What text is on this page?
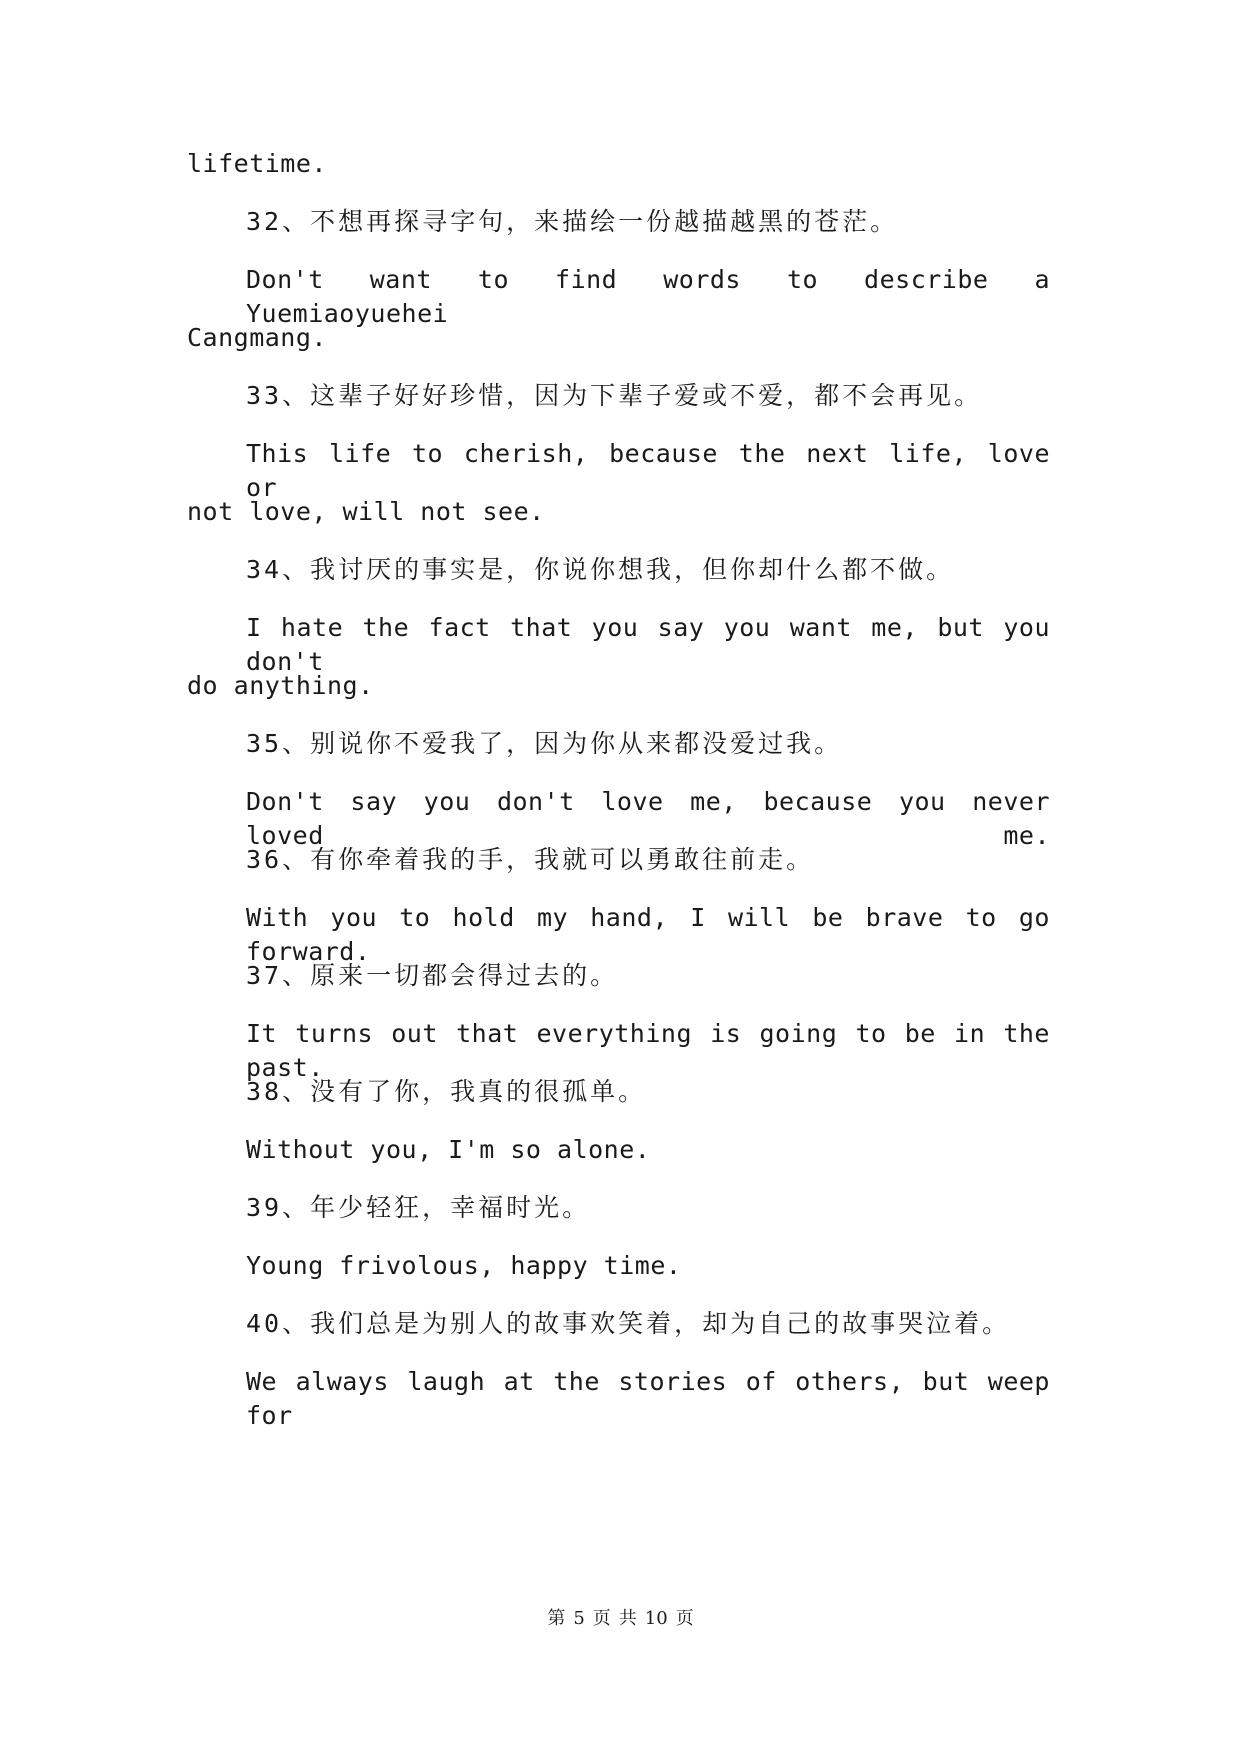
lifetime.
32、不想再探寻字句，来描绘一份越描越黑的苍茫。
Don't want to find words to describe a Yuemiaoyuehei
Cangmang.
33、这辈子好好珍惜，因为下辈子爱或不爱，都不会再见。
This life to cherish, because the next life, love or
not love, will not see.
34、我讨厌的事实是，你说你想我，但你却什么都不做。
I hate the fact that you say you want me, but you don't
do anything.
35、别说你不爱我了，因为你从来都没爱过我。
Don't say you don't love me, because you never loved me.
36、有你牵着我的手，我就可以勇敢往前走。
With you to hold my hand, I will be brave to go forward.
37、原来一切都会得过去的。
It turns out that everything is going to be in the past.
38、没有了你，我真的很孤单。
Without you, I'm so alone.
39、年少轻狂，幸福时光。
Young frivolous, happy time.
40、我们总是为别人的故事欢笑着，却为自己的故事哭泣着。
We always laugh at the stories of others, but weep for
第 5 页 共 10 页
